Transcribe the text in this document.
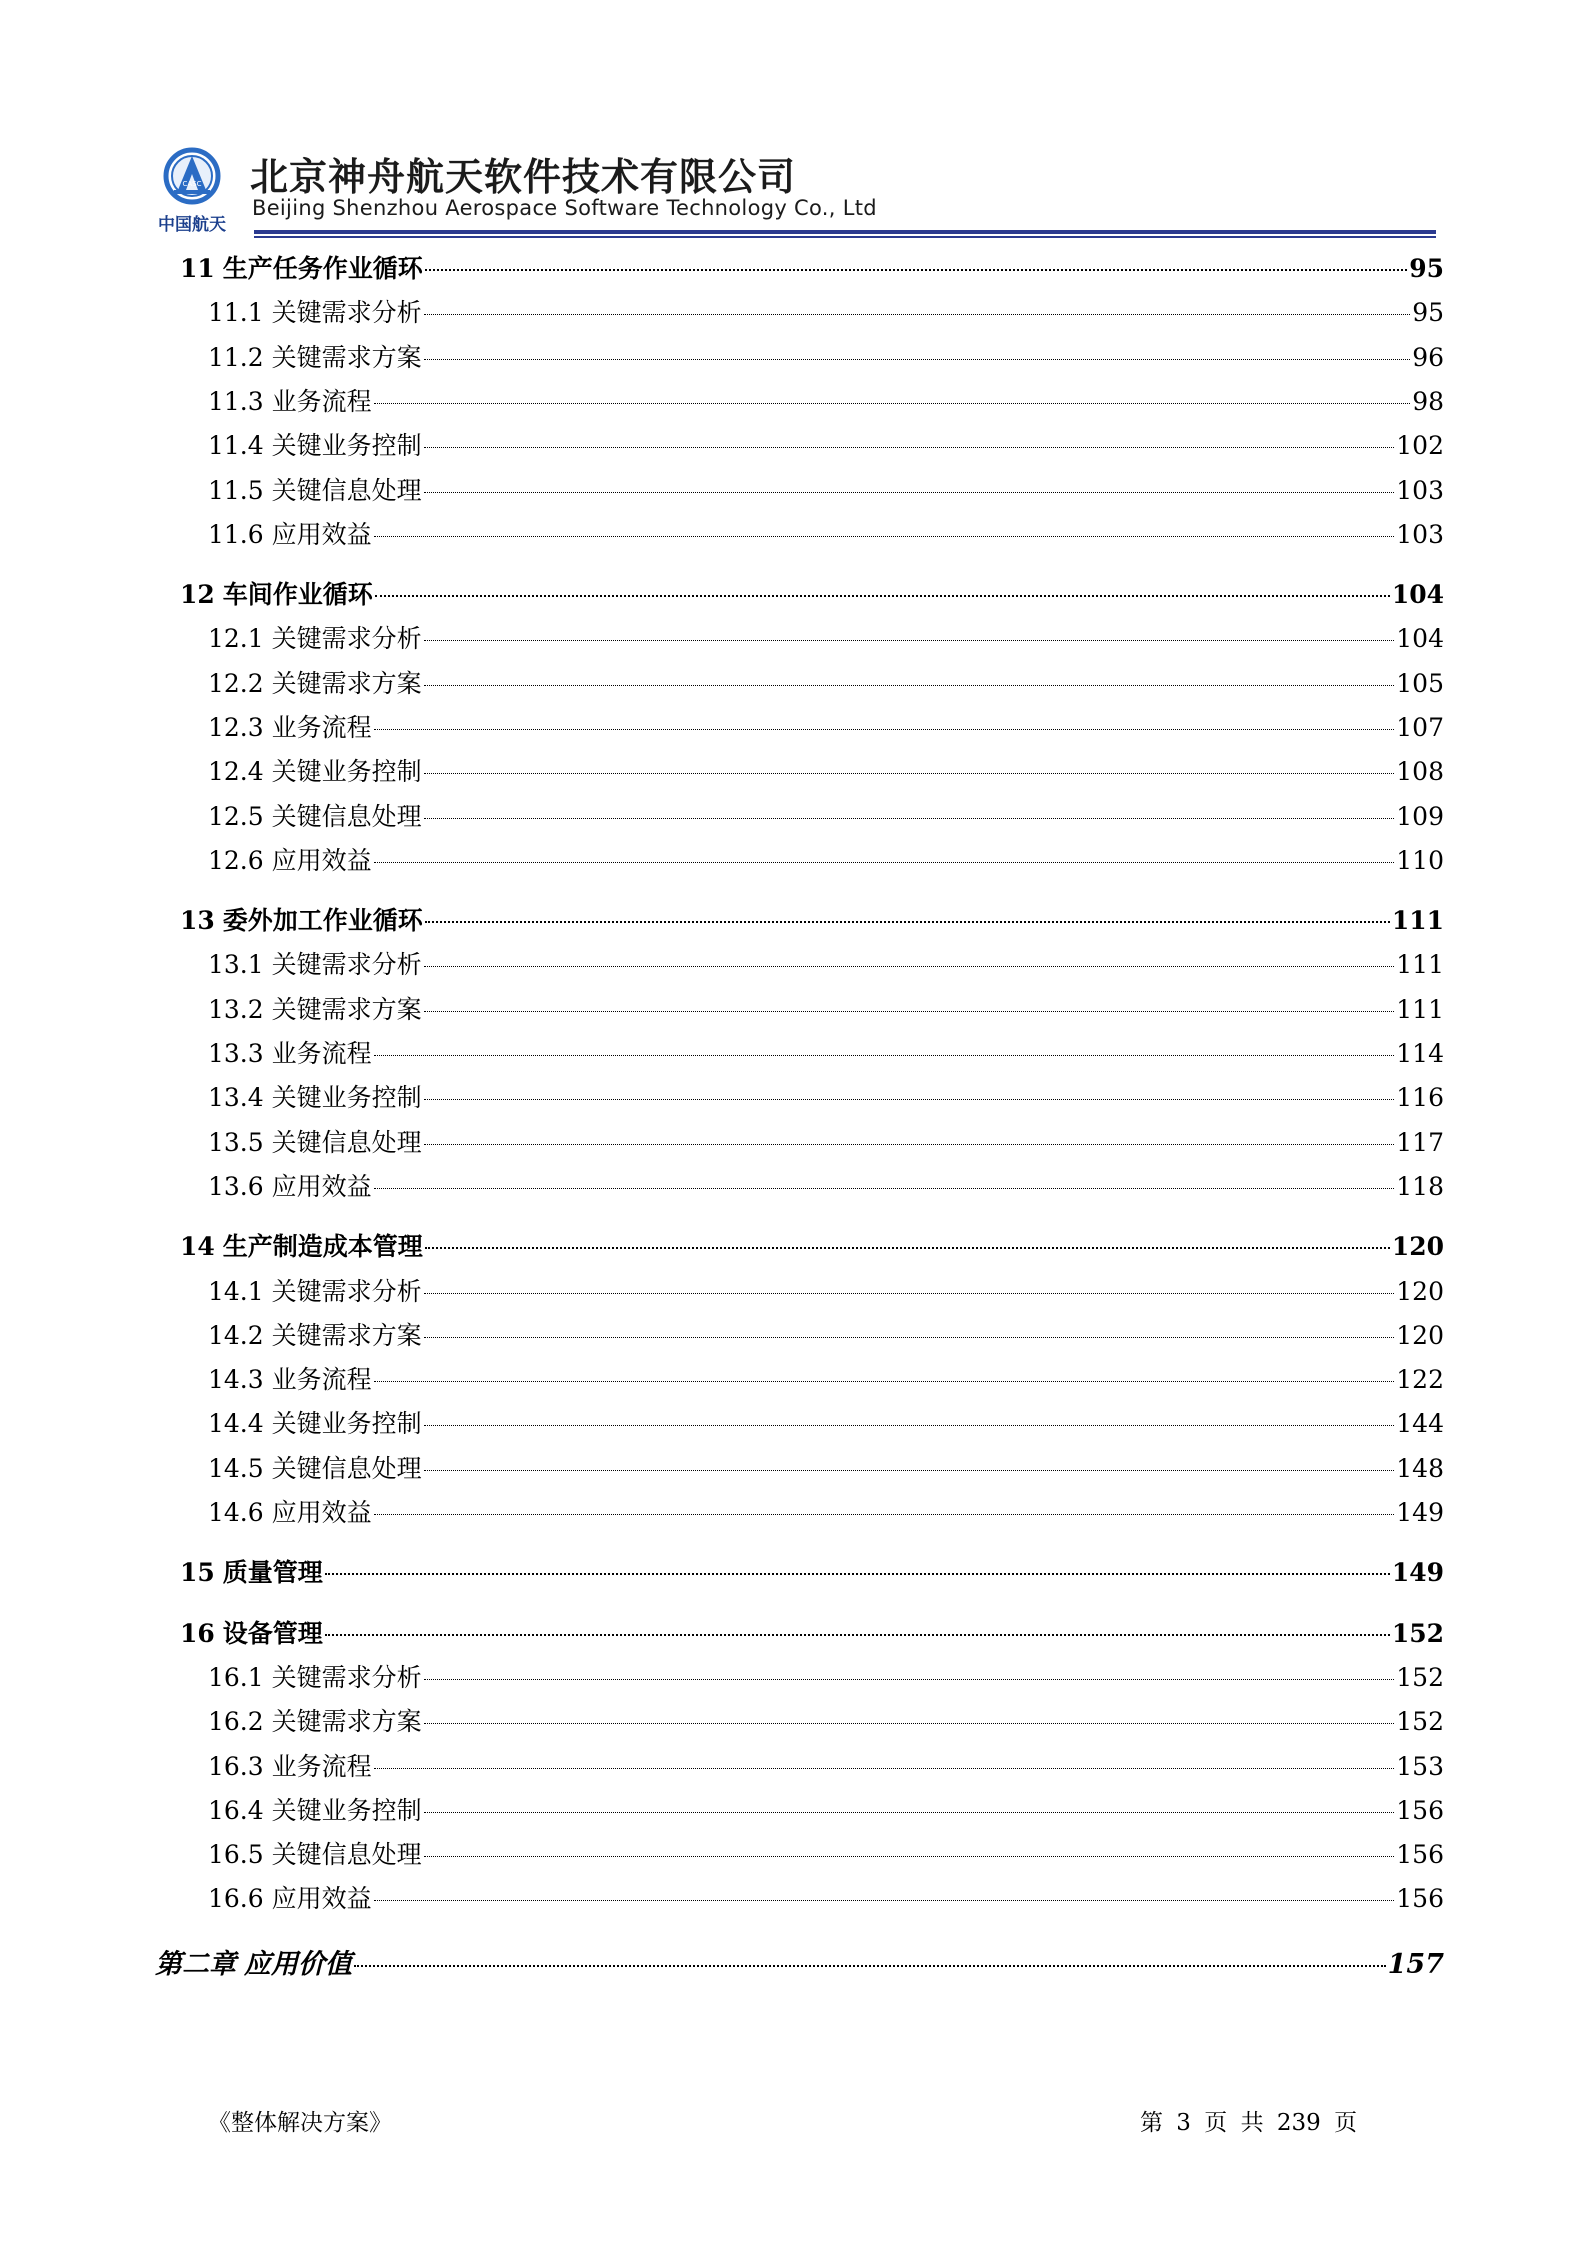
CASC
中国航天
北京神舟航天软件技术有限公司
Beijing Shenzhou Aerospace Software Technology Co., Ltd
11 生产任务作业循环	95
11.1 关键需求分析	95
11.2 关键需求方案	96
11.3 业务流程	98
11.4 关键业务控制	102
11.5 关键信息处理	103
11.6 应用效益	103
12 车间作业循环	104
12.1 关键需求分析	104
12.2 关键需求方案	105
12.3 业务流程	107
12.4 关键业务控制	108
12.5 关键信息处理	109
12.6 应用效益	110
13 委外加工作业循环	111
13.1 关键需求分析	111
13.2 关键需求方案	111
13.3 业务流程	114
13.4 关键业务控制	116
13.5 关键信息处理	117
13.6 应用效益	118
14 生产制造成本管理	120
14.1 关键需求分析	120
14.2 关键需求方案	120
14.3 业务流程	122
14.4 关键业务控制	144
14.5 关键信息处理	148
14.6 应用效益	149
15 质量管理	149
16 设备管理	152
16.1 关键需求分析	152
16.2 关键需求方案	152
16.3 业务流程	153
16.4 关键业务控制	156
16.5 关键信息处理	156
16.6 应用效益	156
第二章 应用价值	157
《整体解决方案》	第 3 页 共 239 页
